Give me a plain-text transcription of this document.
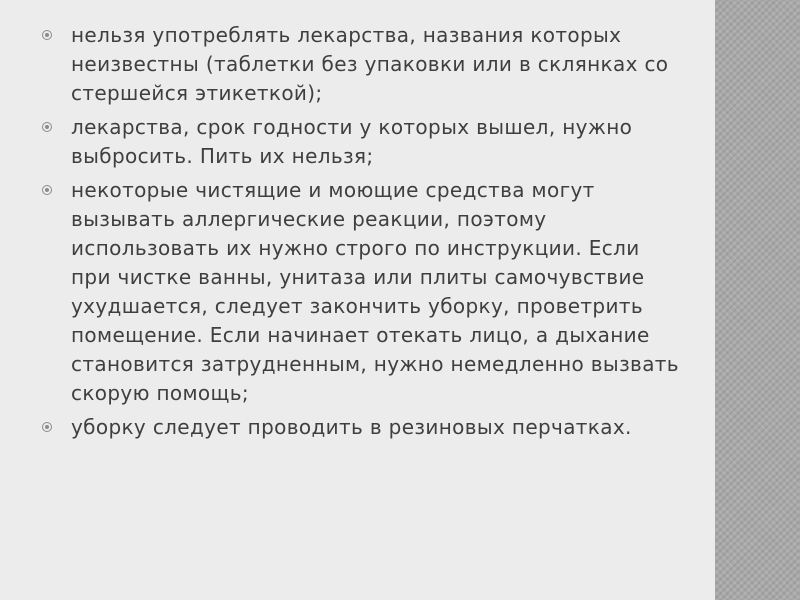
нельзя употреблять лекарства, названия которых неизвестны (таблетки без упаковки или в склянках со стершейся этикеткой);
лекарства, срок годности у которых вышел, нужно выбросить. Пить их нельзя;
некоторые чистящие и моющие средства могут вызывать аллергические реакции, поэтому использовать их нужно строго по инструкции. Если при чистке ванны, унитаза или плиты самочувствие ухудшается, следует закончить уборку, проветрить помещение. Если начинает отекать лицо, а дыхание становится затрудненным, нужно немедленно вызвать скорую помощь;
уборку следует проводить в резиновых перчатках.
